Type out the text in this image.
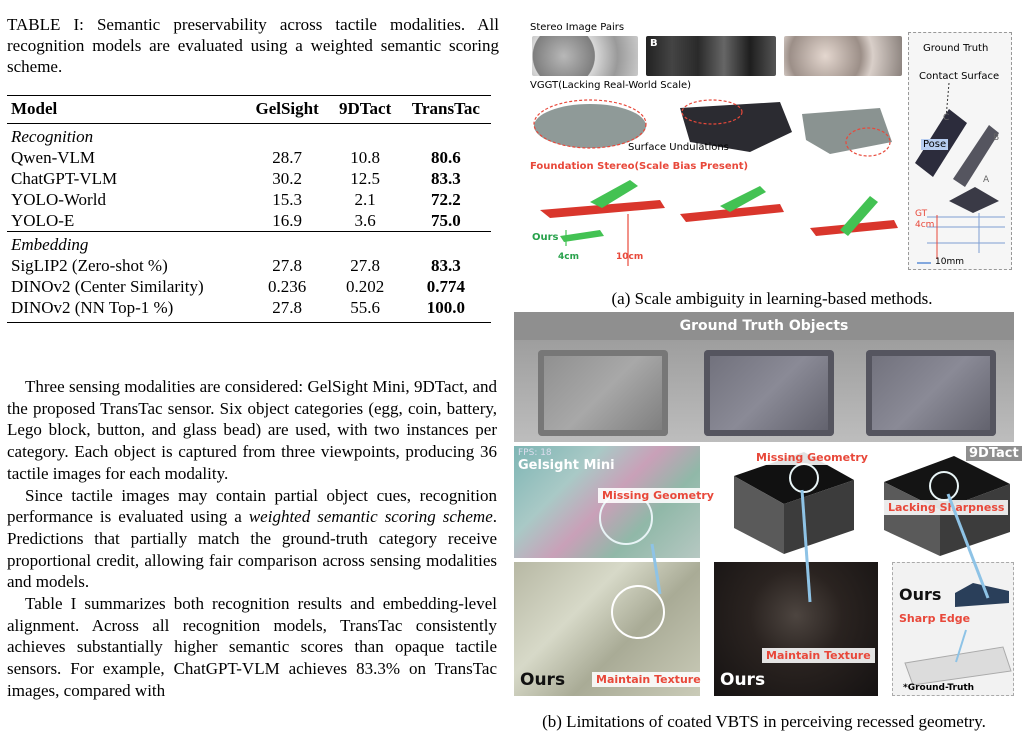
TABLE I: Semantic preservability across tactile modalities. All recognition models are evaluated using a weighted semantic scoring scheme.
Model	GelSight	9DTact	TransTac
Recognition			
Qwen-VLM	28.7	10.8	80.6
ChatGPT-VLM	30.2	12.5	83.3
YOLO-World	15.3	2.1	72.2
YOLO-E	16.9	3.6	75.0
Embedding			
SigLIP2 (Zero-shot %)	27.8	27.8	83.3
DINOv2 (Center Similarity)	0.236	0.202	0.774
DINOv2 (NN Top-1 %)	27.8	55.6	100.0

Three sensing modalities are considered: GelSight Mini, 9DTact, and the proposed TransTac sensor. Six object categories (egg, coin, battery, Lego block, button, and glass bead) are used, with two instances per category. Each object is captured from three viewpoints, producing 36 tactile images for each modality.

Since tactile images may contain partial object cues, recognition performance is evaluated using a weighted semantic scoring scheme. Predictions that partially match the ground-truth category receive proportional credit, allowing fair comparison across sensing modalities and models.

Table I summarizes both recognition results and embedding-level alignment. Across all recognition models, TransTac consistently achieves substantially higher semantic scores than opaque tactile sensors. For example, ChatGPT-VLM achieves 83.3% on TransTac images, compared with

Stereo Image Pairs
B
VGGT(Lacking Real-World Scale)
Surface Undulations
Foundation Stereo(Scale Bias Present)
Ours
4cm	10cm
Ground Truth
Contact Surface
Pose
C
B
A
GT
4cm
10mm
(a) Scale ambiguity in learning-based methods.
Ground Truth Objects
FPS: 18
Gelsight Mini
Missing Geometry
Missing Geometry	9DTact
Lacking Sharpness
Ours	Maintain Texture
Maintain Texture
Ours
Ours
Sharp Edge
*Ground-Truth
(b) Limitations of coated VBTS in perceiving recessed geometry.
